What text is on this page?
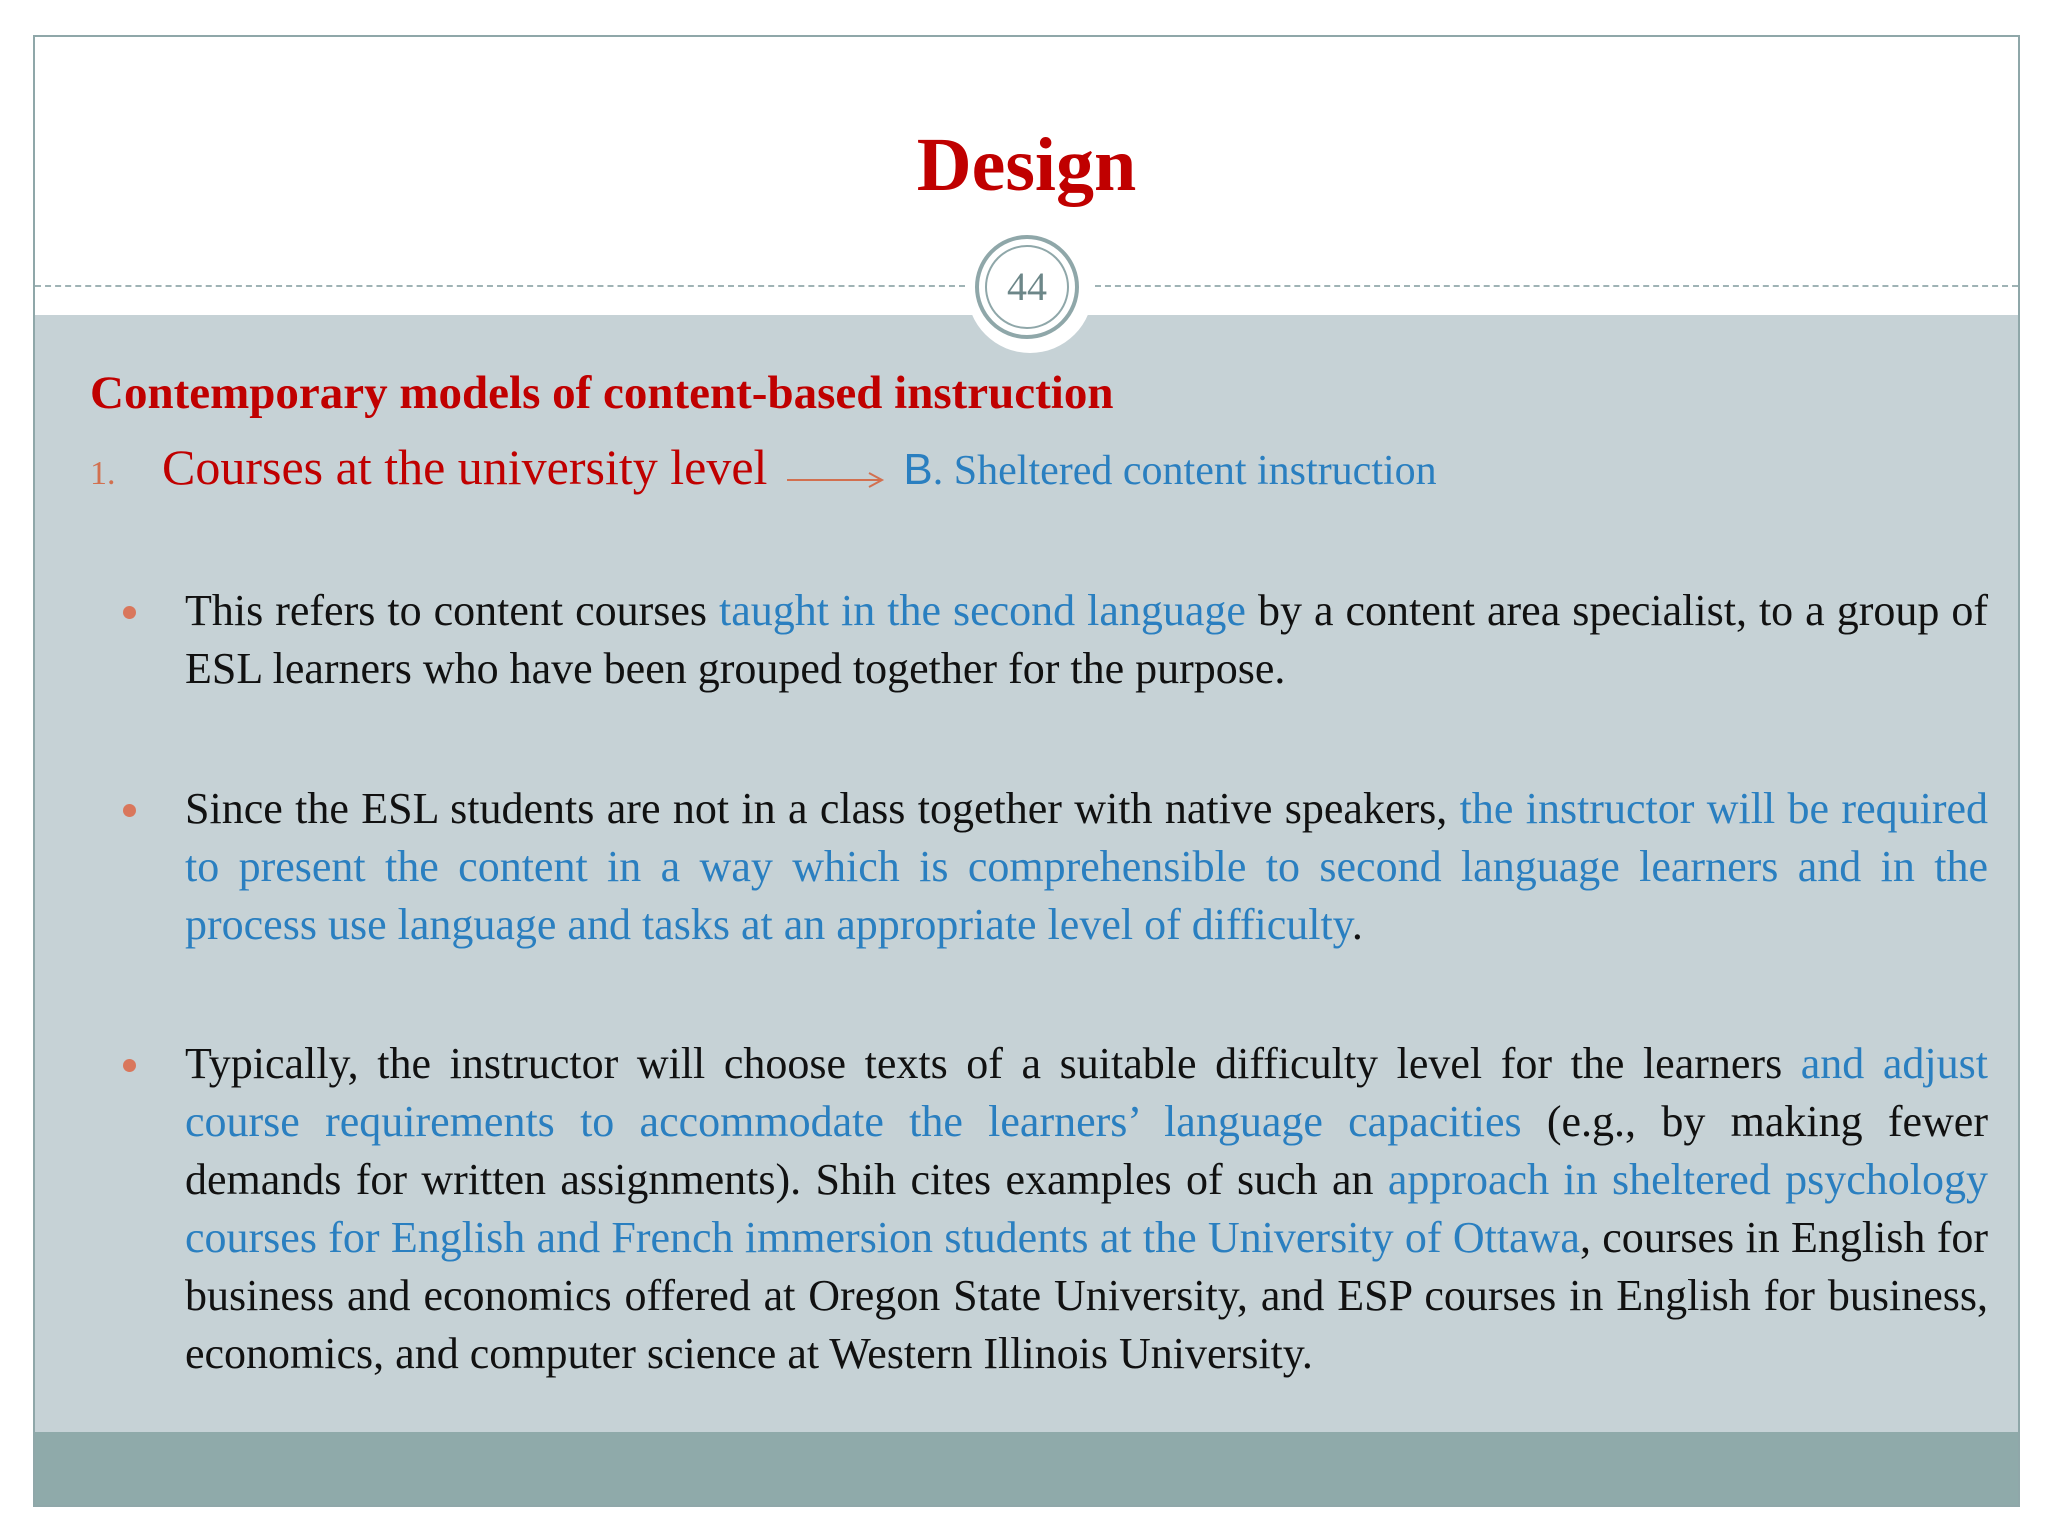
44
Design
Contemporary models of content-based instruction
1. Courses at the university level	B. Sheltered content instruction
This refers to content courses taught in the second language by a content area specialist, to a group of ESL learners who have been grouped together for the purpose.
Since the ESL students are not in a class together with native speakers, the instructor will be required to present the content in a way which is comprehensible to second language learners and in the process use language and tasks at an appropriate level of difficulty.
Typically, the instructor will choose texts of a suitable difficulty level for the learners and adjust course requirements to accommodate the learners’ language capacities (e.g., by making fewer demands for written assignments). Shih cites examples of such an approach in sheltered psychology courses for English and French immersion students at the University of Ottawa, courses in English for business and economics offered at Oregon State University, and ESP courses in English for business, economics, and computer science at Western Illinois University.
